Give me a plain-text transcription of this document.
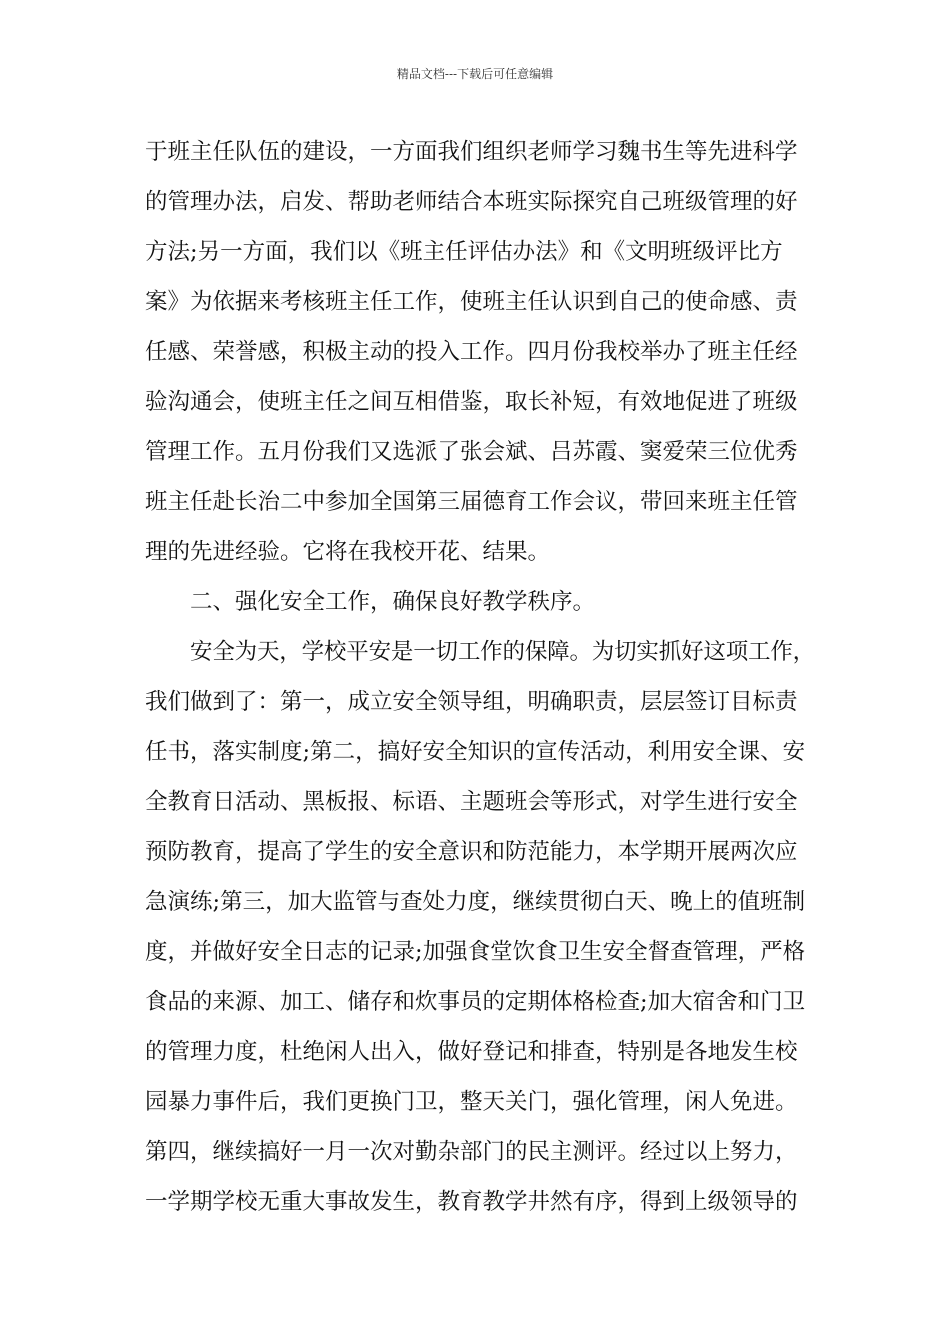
精品文档---下载后可任意编辑
于班主任队伍的建设，一方面我们组织老师学习魏书生等先进科学
的管理办法，启发、帮助老师结合本班实际探究自己班级管理的好
方法;另一方面，我们以《班主任评估办法》和《文明班级评比方
案》为依据来考核班主任工作，使班主任认识到自己的使命感、责
任感、荣誉感，积极主动的投入工作。四月份我校举办了班主任经
验沟通会，使班主任之间互相借鉴，取长补短，有效地促进了班级
管理工作。五月份我们又选派了张会斌、吕苏霞、窦爱荣三位优秀
班主任赴长治二中参加全国第三届德育工作会议，带回来班主任管
理的先进经验。它将在我校开花、结果。
二、强化安全工作，确保良好教学秩序。
安全为天，学校平安是一切工作的保障。为切实抓好这项工作，
我们做到了：第一，成立安全领导组，明确职责，层层签订目标责
任书，落实制度;第二，搞好安全知识的宣传活动，利用安全课、安
全教育日活动、黑板报、标语、主题班会等形式，对学生进行安全
预防教育，提高了学生的安全意识和防范能力，本学期开展两次应
急演练;第三，加大监管与查处力度，继续贯彻白天、晚上的值班制
度，并做好安全日志的记录;加强食堂饮食卫生安全督查管理，严格
食品的来源、加工、储存和炊事员的定期体格检查;加大宿舍和门卫
的管理力度，杜绝闲人出入，做好登记和排查，特别是各地发生校
园暴力事件后，我们更换门卫，整天关门，强化管理，闲人免进。
第四，继续搞好一月一次对勤杂部门的民主测评。经过以上努力，
一学期学校无重大事故发生，教育教学井然有序，得到上级领导的
